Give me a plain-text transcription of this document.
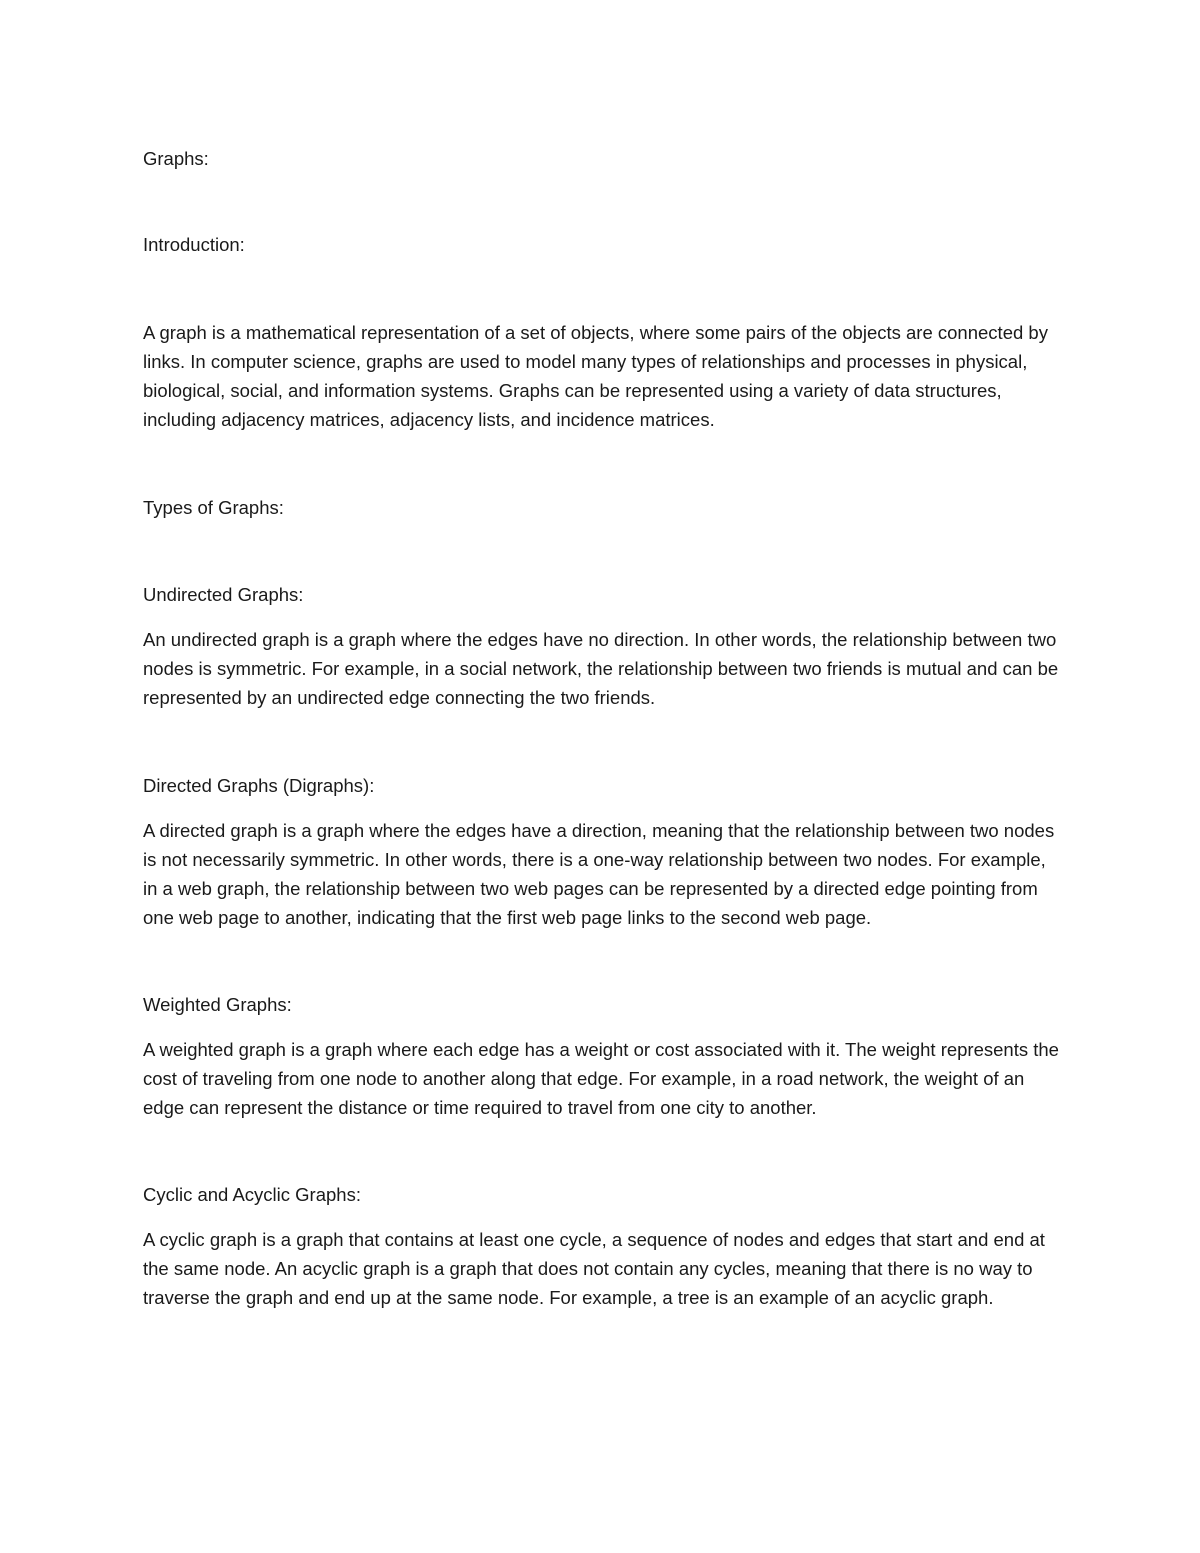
Graphs:

Introduction:

A graph is a mathematical representation of a set of objects, where some pairs of the objects are connected by links. In computer science, graphs are used to model many types of relationships and processes in physical, biological, social, and information systems. Graphs can be represented using a variety of data structures, including adjacency matrices, adjacency lists, and incidence matrices.

Types of Graphs:

Undirected Graphs:

An undirected graph is a graph where the edges have no direction. In other words, the relationship between two nodes is symmetric. For example, in a social network, the relationship between two friends is mutual and can be represented by an undirected edge connecting the two friends.

Directed Graphs (Digraphs):

A directed graph is a graph where the edges have a direction, meaning that the relationship between two nodes is not necessarily symmetric. In other words, there is a one-way relationship between two nodes. For example, in a web graph, the relationship between two web pages can be represented by a directed edge pointing from one web page to another, indicating that the first web page links to the second web page.

Weighted Graphs:

A weighted graph is a graph where each edge has a weight or cost associated with it. The weight represents the cost of traveling from one node to another along that edge. For example, in a road network, the weight of an edge can represent the distance or time required to travel from one city to another.

Cyclic and Acyclic Graphs:

A cyclic graph is a graph that contains at least one cycle, a sequence of nodes and edges that start and end at the same node. An acyclic graph is a graph that does not contain any cycles, meaning that there is no way to traverse the graph and end up at the same node. For example, a tree is an example of an acyclic graph.
